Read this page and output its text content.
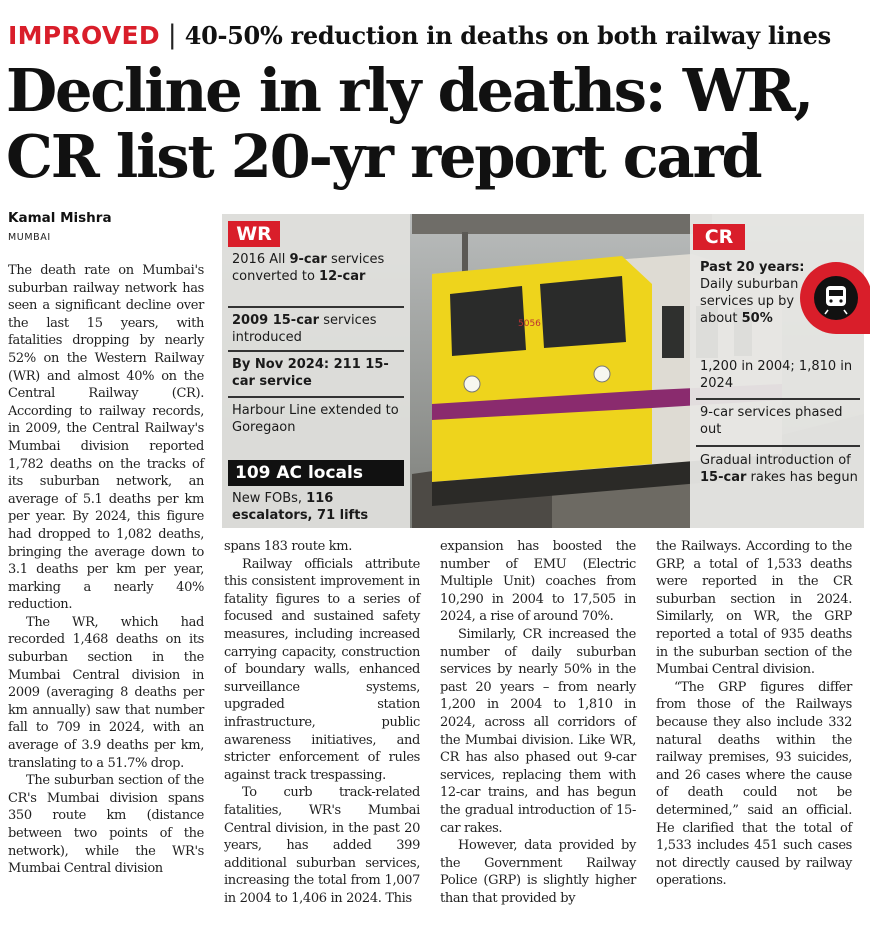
IMPROVED | 40-50% reduction in deaths on both railway lines
Decline in rly deaths: WR,
CR list 20-yr report card
Kamal Mishra
MUMBAI

The death rate on Mumbai's suburban railway network has seen a significant decline over the last 15 years, with fatalities dropping by nearly 52% on the Western Railway (WR) and almost 40% on the Central Railway (CR). According to railway records, in 2009, the Central Railway's Mumbai division reported 1,782 deaths on the tracks of its suburban network, an average of 5.1 deaths per km per year. By 2024, this figure had dropped to 1,082 deaths, bringing the average down to 3.1 deaths per km per year, marking a nearly 40% reduction.

The WR, which had recorded 1,468 deaths on its suburban section in the Mumbai Central division in 2009 (averaging 8 deaths per km annually) saw that number fall to 709 in 2024, with an average of 3.9 deaths per km, translating to a 51.7% drop.

The suburban section of the CR's Mumbai division spans 350 route km (distance between two points of the network), while the WR's Mumbai Central division

spans 183 route km.

Railway officials attribute this consistent improvement in fatality figures to a series of focused and sustained safety measures, including increased carrying capacity, construction of boundary walls, enhanced surveillance systems, upgraded station infrastructure, public awareness initiatives, and stricter enforcement of rules against track trespassing.

To curb track-related fatalities, WR's Mumbai Central division, in the past 20 years, has added 399 additional suburban services, increasing the total from 1,007 in 2004 to 1,406 in 2024. This

expansion has boosted the number of EMU (Electric Multiple Unit) coaches from 10,290 in 2004 to 17,505 in 2024, a rise of around 70%.

Similarly, CR increased the number of daily suburban services by nearly 50% in the past 20 years – from nearly 1,200 in 2004 to 1,810 in 2024, across all corridors of the Mumbai division. Like WR, CR has also phased out 9-car services, replacing them with 12-car trains, and has begun the gradual introduction of 15-car rakes.

However, data provided by the Government Railway Police (GRP) is slightly higher than that provided by

the Railways. According to the GRP, a total of 1,533 deaths were reported in the CR suburban section in 2024. Similarly, on WR, the GRP reported a total of 935 deaths in the suburban section of the Mumbai Central division.

“The GRP figures differ from those of the Railways because they also include 332 natural deaths within the railway premises, 93 suicides, and 26 cases where the cause of death could not be determined,” said an official. He clarified that the total of 1,533 includes 451 such cases not directly caused by railway operations.

5056
WR
2016 All 9-car services converted to 12-car
2009 15-car services introduced
By Nov 2024: 211 15-car service
Harbour Line extended to Goregaon
109 AC locals
New FOBs, 116 escalators, 71 lifts
CR
Past 20 years: Daily suburban services up by about 50%
1,200 in 2004; 1,810 in 2024
9-car services phased out
Gradual introduction of 15-car rakes has begun
